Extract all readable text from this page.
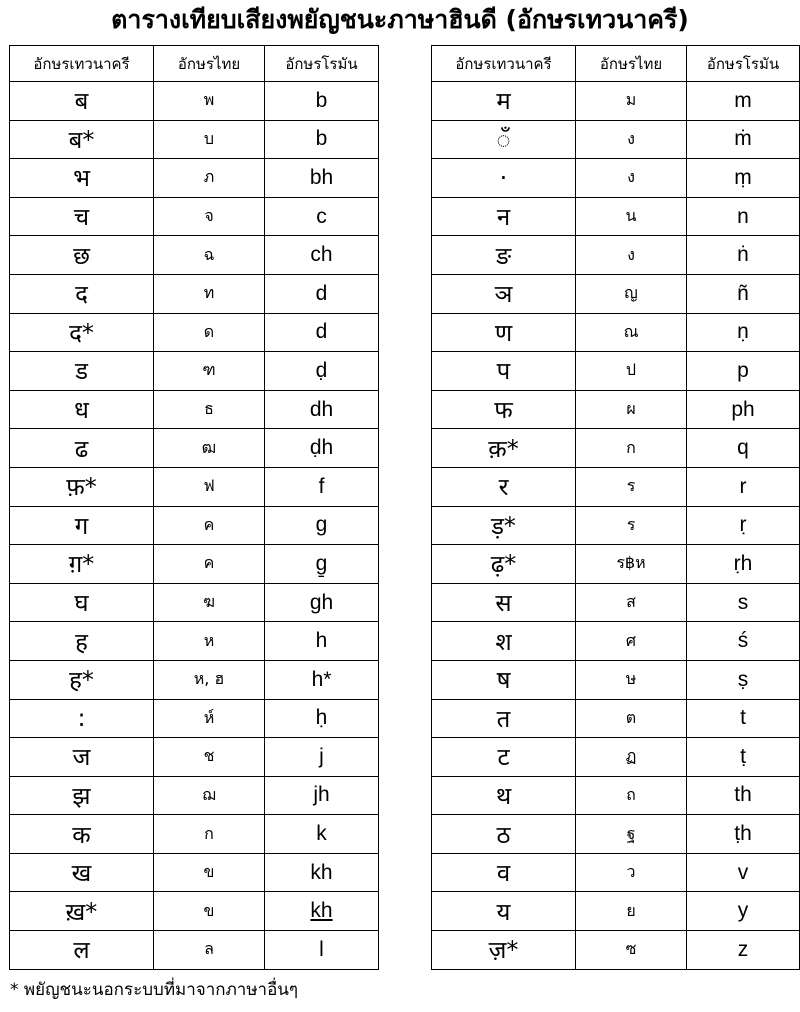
ตารางเทียบเสียงพยัญชนะภาษาฮินดี (อักษรเทวนาครี)
อักษรเทวนาครี	อักษรไทย	อักษรโรมัน
ब	พ	b
ब*	บ	b
भ	ภ	bh
च	จ	c
छ	ฉ	ch
द	ท	d
द*	ด	d
ड	ฑ	ḍ
ध	ธ	dh
ढ	ฒ	ḍh
फ़*	ฟ	f
ग	ค	g
ग़*	ค	g̱
घ	ฆ	gh
ह	ห	h
ह*	ห, ฮ	h*
:	ห์	ḥ
ज	ช	j
झ	ฌ	jh
क	ก	k
ख	ข	kh
ख़*	ข	kh
ल	ล	l
อักษรเทวนาครี	อักษรไทย	อักษรโรมัน
म	ม	m
ँ	ง	ṁ
·	ง	ṃ
न	น	n
ङ	ง	ṅ
ञ	ญ	ñ
ण	ณ	ṇ
प	ป	p
फ	ผ	ph
क़*	ก	q
र	ร	r
ड़*	ร	ṛ
ढ़*	ร฿ห	ṛh
स	ส	s
श	ศ	ś
ष	ษ	ṣ
त	ต	t
ट	ฏ	ṭ
थ	ถ	th
ठ	ฐ	ṭh
व	ว	v
य	ย	y
ज़*	ซ	z
* พยัญชนะนอกระบบที่มาจากภาษาอื่นๆ
